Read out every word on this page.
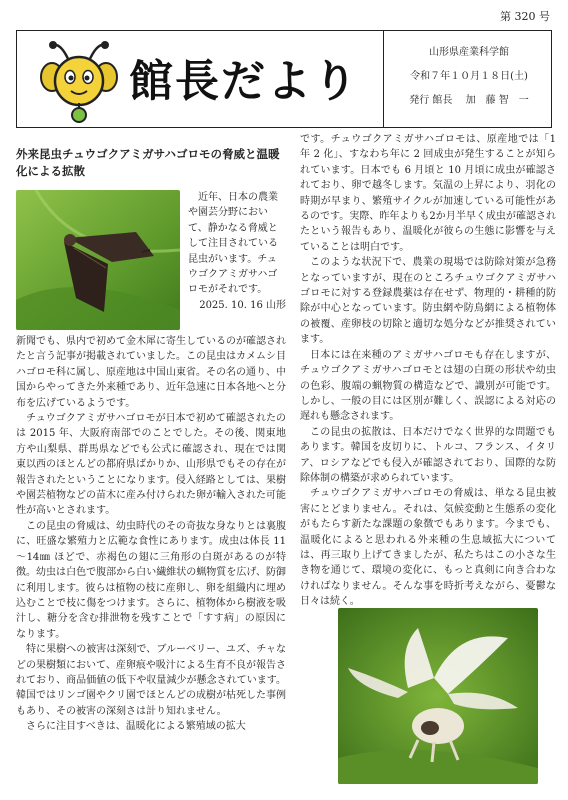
第 320 号
館長だより
山形県産業科学館
令和７年１０月１８日(土)
発行 館長　 加　藤 智　一
外来昆虫チュウゴクアミガサハゴロモの脅威と温暖化による拡散

近年、日本の農業や園芸分野において、静かなる脅威として注目されている昆虫がいます。チュウゴクアミガサハゴロモがそれです。

2025. 10. 16 山形

新聞でも、県内で初めて金木犀に寄生しているのが確認されたと言う記事が掲載されていました。この昆虫はカメムシ目ハゴロモ科に属し、原産地は中国山東省。その名の通り、中国からやってきた外来種であり、近年急速に日本各地へと分布を広げているようです。

チュウゴクアミガサハゴロモが日本で初めて確認されたのは 2015 年、大阪府南部でのことでした。その後、関東地方や山梨県、群馬県などでも公式に確認され、現在では関東以西のほとんどの都府県ばかりか、山形県でもその存在が報告されたということになります。侵入経路としては、果樹や園芸植物などの苗木に産み付けられた卵が輸入された可能性が高いとされます。

この昆虫の脅威は、幼虫時代のその奇抜な身なりとは裏腹に、旺盛な繁殖力と広範な食性にあります。成虫は体長 11～14㎜ ほどで、赤褐色の翅に三角形の白斑があるのが特徴。幼虫は白色で腹部から白い繊維状の蝋物質を広げ、防御に利用します。彼らは植物の枝に産卵し、卵を組織内に埋め込むことで枝に傷をつけます。さらに、植物体から樹液を吸汁し、糖分を含む排泄物を残すことで「すす病」の原因になります。

特に果樹への被害は深刻で、ブルーベリー、ユズ、チャなどの果樹類において、産卵痕や吸汁による生育不良が報告されており、商品価値の低下や収量減少が懸念されています。韓国ではリンゴ園やクリ園でほとんどの成樹が枯死した事例もあり、その被害の深刻さは計り知れません。

さらに注目すべきは、温暖化による繁殖域の拡大

です。チュウゴクアミガサハゴロモは、原産地では「1 年 2 化」、すなわち年に 2 回成虫が発生することが知られています。日本でも 6 月頃と 10 月頃に成虫が確認されており、卵で越冬します。気温の上昇により、羽化の時期が早まり、繁殖サイクルが加速している可能性があるのです。実際、昨年よりも2か月半早く成虫が確認されたという報告もあり、温暖化が彼らの生態に影響を与えていることは明白です。

このような状況下で、農業の現場では防除対策が急務となっていますが、現在のところチュウゴクアミガサハゴロモに対する登録農薬は存在せず、物理的・耕種的防除が中心となっています。防虫網や防鳥網による植物体の被覆、産卵枝の切除と適切な処分などが推奨されています。

日本には在来種のアミガサハゴロモも存在しますが、チュウゴクアミガサハゴロモとは翅の白斑の形状や幼虫の色彩、腹端の蝋物質の構造などで、識別が可能です。しかし、一般の目には区別が難しく、誤認による対応の遅れも懸念されます。

この昆虫の拡散は、日本だけでなく世界的な問題でもあります。韓国を皮切りに、トルコ、フランス、イタリア、ロシアなどでも侵入が確認されており、国際的な防除体制の構築が求められています。

チュウゴクアミガサハゴロモの脅威は、単なる昆虫被害にとどまりません。それは、気候変動と生態系の変化がもたらす新たな課題の象徴でもあります。今までも、温暖化によると思われる外来種の生息域拡大については、再三取り上げてきましたが、私たちはこの小さな生き物を通じて、環境の変化に、もっと真剣に向き合わなければなりません。そんな事を時折考えながら、憂鬱な日々は続く。
